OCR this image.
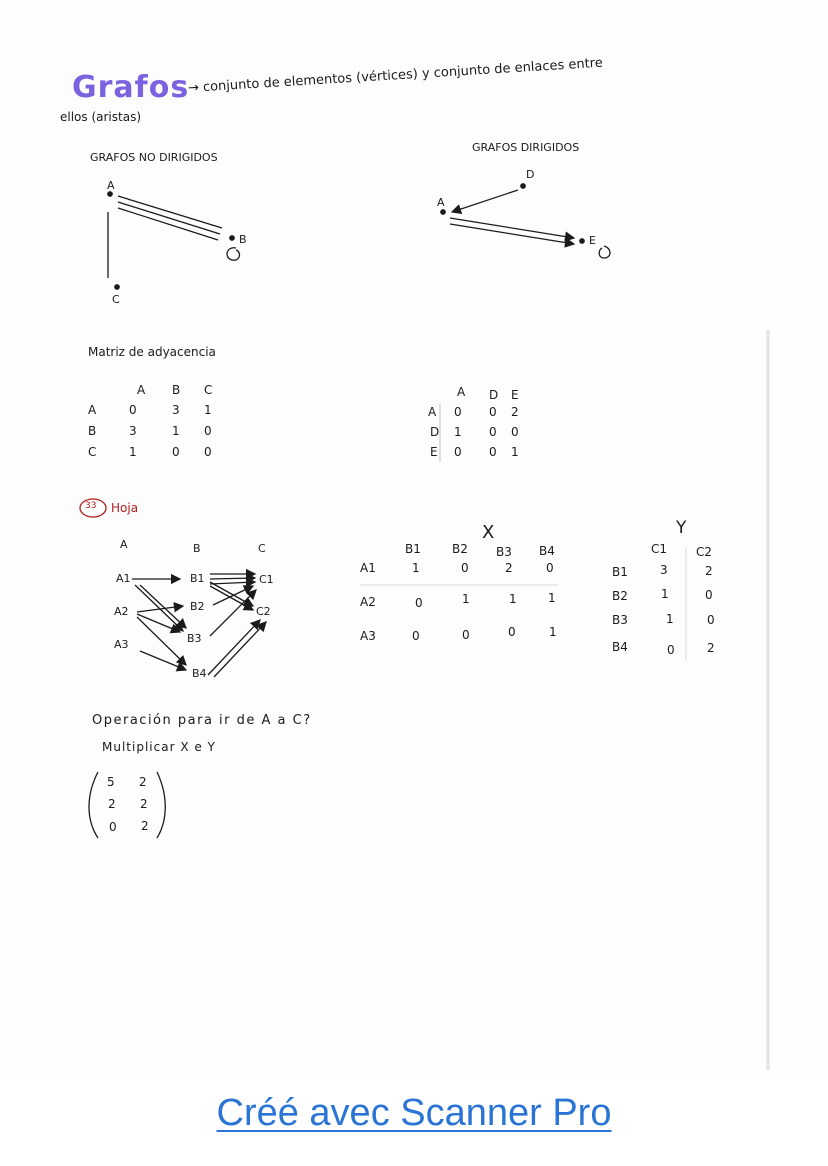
Grafos
→ conjunto de elementos (vértices) y conjunto de enlaces entre
ellos (aristas)
GRAFOS NO DIRIGIDOS
A
B
C
GRAFOS DIRIGIDOS
D
A
E
Matriz de adyacencia
A B C
A	0	3 1
B	3	1 0
C	1	0 0
A D E
A 0 0 2
D 1 0 0
E 0 0 1
33 Hoja
A	B	C
A1
A2
A3
B1
B2
B3
B4
C1
C2
X
B1	B2 B3 B4
A1	1	0	2	0
A2	0	1	1	1
A3	0	0	0	1
Y
C1 C2
B1	3	2
B2	1	0
B3	1	0
B4	0	2
Operación para ir de A a C?
Multiplicar X e Y
5 2
2 2
0 2
Créé avec Scanner Pro
